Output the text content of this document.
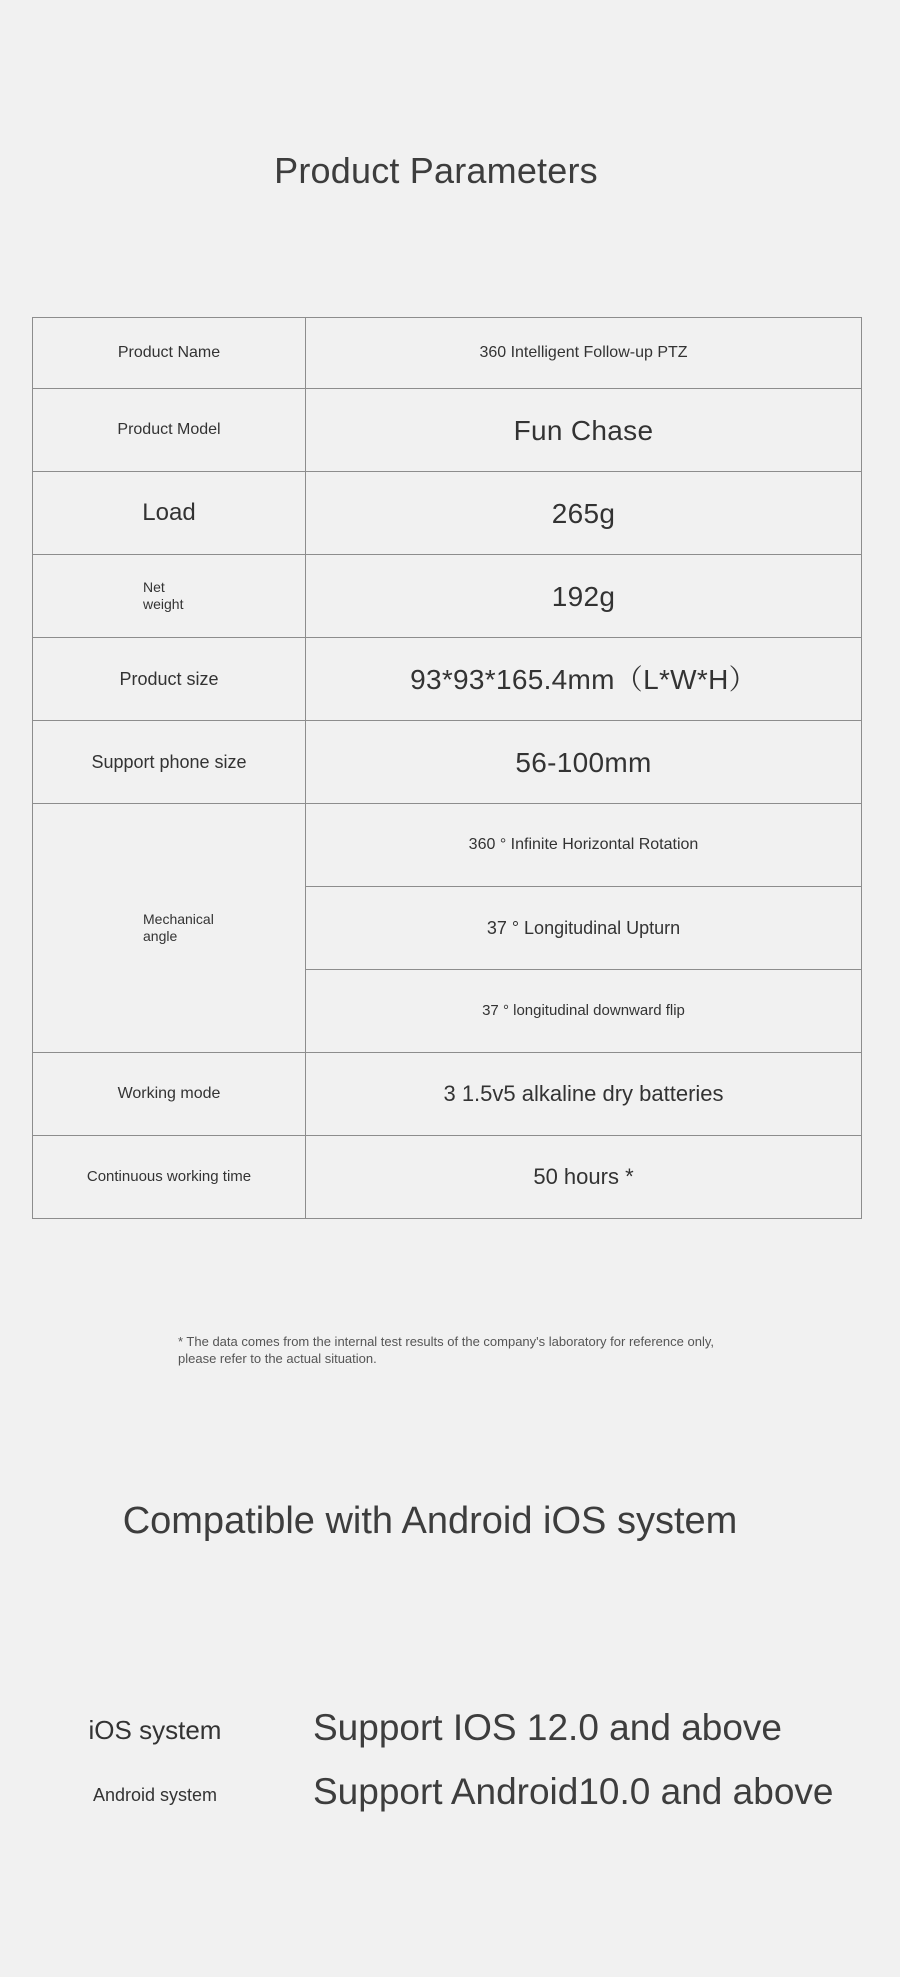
Product Parameters
Product Name	360 Intelligent Follow-up PTZ
Product Model	Fun Chase
Load	265g
Net
weight	192g
Product size	93*93*165.4mm（L*W*H）
Support phone size	56-100mm
Mechanical
angle	360 ° Infinite Horizontal Rotation
	37 ° Longitudinal Upturn
	37 ° longitudinal downward flip
Working mode	3 1.5v5 alkaline dry batteries
Continuous working time	50 hours *
* The data comes from the internal test results of the company's laboratory for reference only, please refer to the actual situation.
Compatible with Android iOS system
iOS system	Support IOS 12.0 and above
Android system	Support Android10.0 and above
